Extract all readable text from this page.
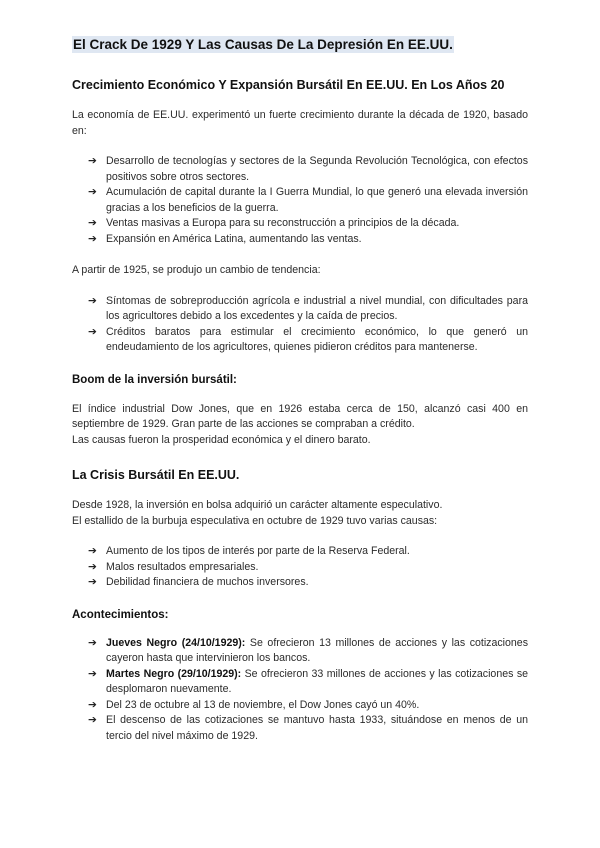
El Crack De 1929 Y Las Causas De La Depresión En EE.UU.
Crecimiento Económico Y Expansión Bursátil En EE.UU. En Los Años 20

La economía de EE.UU. experimentó un fuerte crecimiento durante la década de 1920, basado en:

➔ Desarrollo de tecnologías y sectores de la Segunda Revolución Tecnológica, con efectos positivos sobre otros sectores.
➔ Acumulación de capital durante la I Guerra Mundial, lo que generó una elevada inversión gracias a los beneficios de la guerra.
➔ Ventas masivas a Europa para su reconstrucción a principios de la década.
➔ Expansión en América Latina, aumentando las ventas.

A partir de 1925, se produjo un cambio de tendencia:

➔ Síntomas de sobreproducción agrícola e industrial a nivel mundial, con dificultades para los agricultores debido a los excedentes y la caída de precios.
➔ Créditos baratos para estimular el crecimiento económico, lo que generó un endeudamiento de los agricultores, quienes pidieron créditos para mantenerse.
Boom de la inversión bursátil:

El índice industrial Dow Jones, que en 1926 estaba cerca de 150, alcanzó casi 400 en septiembre de 1929. Gran parte de las acciones se compraban a crédito.

Las causas fueron la prosperidad económica y el dinero barato.

La Crisis Bursátil En EE.UU.

Desde 1928, la inversión en bolsa adquirió un carácter altamente especulativo.

El estallido de la burbuja especulativa en octubre de 1929 tuvo varias causas:

➔ Aumento de los tipos de interés por parte de la Reserva Federal.
➔ Malos resultados empresariales.
➔ Debilidad financiera de muchos inversores.
Acontecimientos:
➔ Jueves Negro (24/10/1929): Se ofrecieron 13 millones de acciones y las cotizaciones cayeron hasta que intervinieron los bancos.
➔ Martes Negro (29/10/1929): Se ofrecieron 33 millones de acciones y las cotizaciones se desplomaron nuevamente.
➔ Del 23 de octubre al 13 de noviembre, el Dow Jones cayó un 40%.
➔ El descenso de las cotizaciones se mantuvo hasta 1933, situándose en menos de un tercio del nivel máximo de 1929.
